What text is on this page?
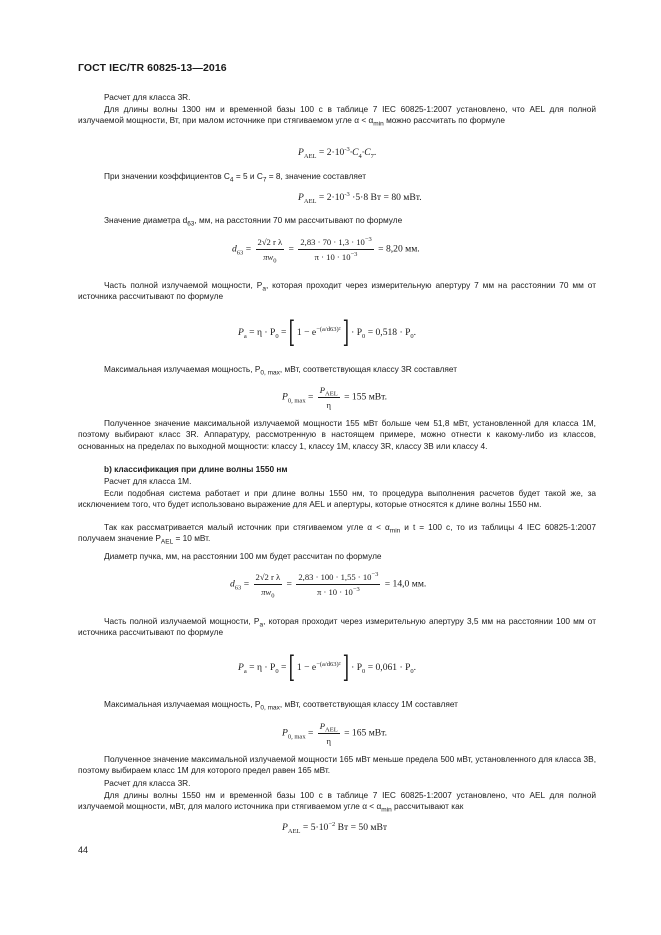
ГОСТ IEC/TR 60825-13—2016
Расчет для класса 3R.
Для длины волны 1300 нм и временной базы 100 с в таблице 7 IEC 60825-1:2007 установлено, что AEL для полной излучаемой мощности, Вт, при малом источнике при стягиваемом угле $\alpha < \alpha_{min}$ можно рассчитать по формуле
$P_{AEL} = 2\cdot 10^{-3}\cdot C_4\cdot C_7$.
При значении коэффициентов $C_4 = 5$ и $C_7 = 8$, значение составляет
$P_{AEL} = 2\cdot 10^{-3} \cdot 5\cdot 8$ Вт = 80 мВт.
Значение диаметра $d_{63}$, мм, на расстоянии 70 мм рассчитывают по формуле
$d_{63} = \frac{\text{2√2 r λ}}{\pi w_0} = \frac{2,83 \cdot 70 \cdot 1,3 \cdot 10^{-3}}{\pi \cdot 10 \cdot 10^{-3}} = 8,20$ мм.
Часть полной излучаемой мощности, $P_a$, которая проходит через измерительную апертуру 7 мм на расстоянии 70 мм от источника рассчитывают по формуле
$P_a = \eta \cdot P_0$ = [ $1 - e^{-(a/d63)^2}$ ] · $P_0 = 0,518 \cdot P_0$.
Максимальная излучаемая мощность, $P_{0, max}$, мВт, соответствующая классу 3R составляет
$P_{0, max} = \frac{P_{AEL}}{\eta} = 155$ мВт.
Полученное значение максимальной излучаемой мощности 155 мВт больше чем 51,8 мВт, установленной для класса 1M, поэтому выбирают класс 3R. Аппаратуру, рассмотренную в настоящем примере, можно отнести к какому-либо из классов, основанных на пределах по выходной мощности: классу 1, классу 1M, классу 3R, классу 3B или классу 4.
b) классификация при длине волны 1550 нм
Расчет для класса 1M.
Если подобная система работает и при длине волны 1550 нм, то процедура выполнения расчетов будет такой же, за исключением того, что будет использовано выражение для AEL и апертуры, которые относятся к длине волны 1550 нм.
Так как рассматривается малый источник при стягиваемом угле $\alpha < \alpha_{min}$ и t = 100 с, то из таблицы 4 IEC 60825-1:2007 получаем значение $P_{AEL} = 10$ мВт.
Диаметр пучка, мм, на расстоянии 100 мм будет рассчитан по формуле
$d_{63} = \frac{\text{2√2 r λ}}{\pi w_0} = \frac{2,83 \cdot 100 \cdot 1,55 \cdot 10^{-3}}{\pi \cdot 10 \cdot 10^{-3}} = 14,0$ мм.
Часть полной излучаемой мощности, $P_a$, которая проходит через измерительную апертуру 3,5 мм на расстоянии 100 мм от источника рассчитывают по формуле
$P_a = \eta \cdot P_0$ = [ $1 - e^{-(a/d63)^2}$ ] · $P_0 = 0,061 \cdot P_0$.
Максимальная излучаемая мощность, $P_{0, max}$, мВт, соответствующая классу 1M составляет
$P_{0, max} = \frac{P_{AEL}}{\eta} = 165$ мВт.
Полученное значение максимальной излучаемой мощности 165 мВт меньше предела 500 мВт, установленного для класса 3B, поэтому выбираем класс 1M для которого предел равен 165 мВт.
Расчет для класса 3R.
Для длины волны 1550 нм и временной базы 100 с в таблице 7 IEC 60825-1:2007 установлено, что AEL для полной излучаемой мощности, мВт, для малого источника при стягиваемом угле $\alpha < \alpha_{min}$ рассчитывают как
$P_{AEL} = 5\cdot 10^{-2}$ Вт = 50 мВт
44
